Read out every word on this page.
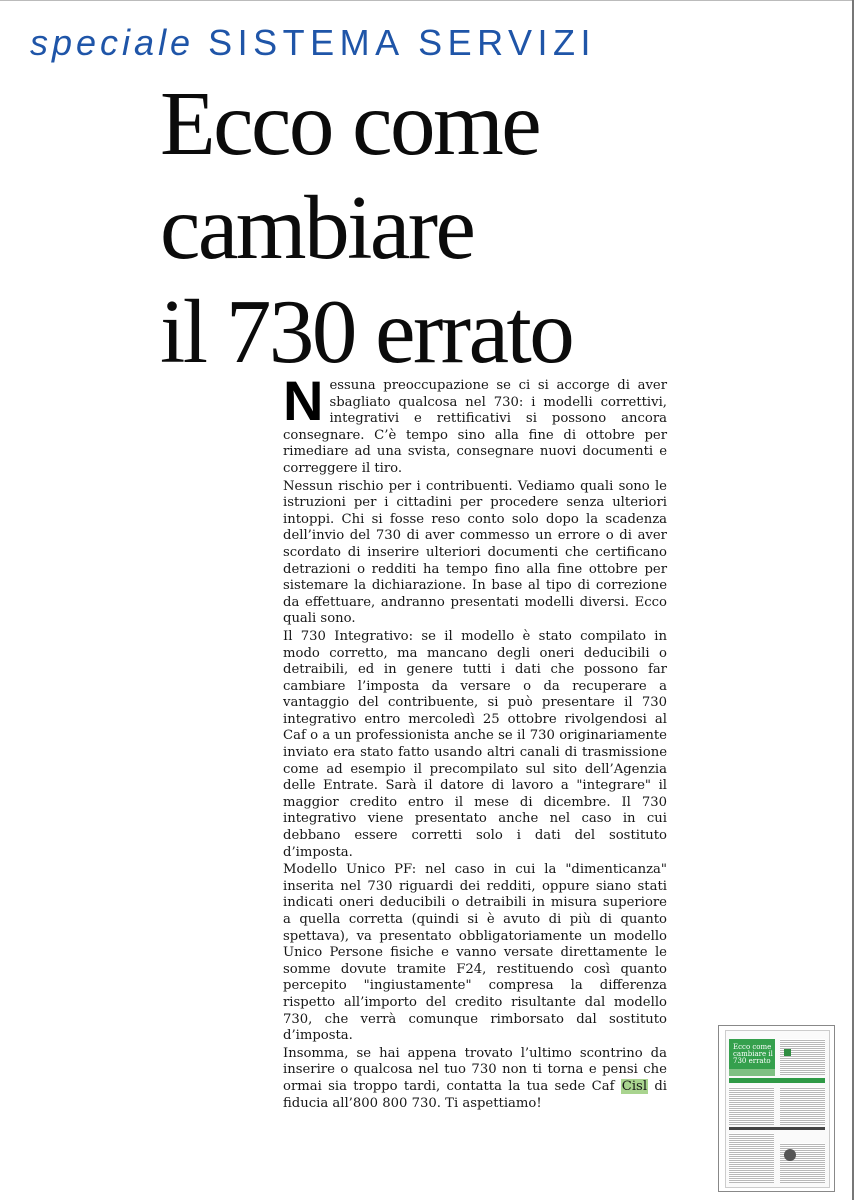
speciale SISTEMA SERVIZI
Ecco come
cambiare
il 730 errato

Nessuna preoccupazione se ci si accorge di aver sbagliato qualcosa nel 730: i modelli correttivi, integrativi e rettificativi si possono ancora consegnare. C’è tempo sino alla fine di ottobre per rimediare ad una svista, consegnare nuovi documenti e correggere il tiro.

Nessun rischio per i contribuenti. Vediamo quali sono le istruzioni per i cittadini per procedere senza ulteriori intoppi. Chi si fosse reso conto solo dopo la scadenza dell’invio del 730 di aver commesso un errore o di aver scordato di inserire ulteriori documenti che certificano detrazioni o redditi ha tempo fino alla fine ottobre per sistemare la dichiarazione. In base al tipo di correzione da effettuare, andranno presentati modelli diversi. Ecco quali sono.

Il 730 Integrativo: se il modello è stato compilato in modo corretto, ma mancano degli oneri deducibili o detraibili, ed in genere tutti i dati che possono far cambiare l’imposta da versare o da recuperare a vantaggio del contribuente, si può presentare il 730 integrativo entro mercoledì 25 ottobre rivolgendosi al Caf o a un professionista anche se il 730 originariamente inviato era stato fatto usando altri canali di trasmissione come ad esempio il precompilato sul sito dell’Agenzia delle Entrate. Sarà il datore di lavoro a "integrare" il maggior credito entro il mese di dicembre. Il 730 integrativo viene presentato anche nel caso in cui debbano essere corretti solo i dati del sostituto d’imposta.

Modello Unico PF: nel caso in cui la "dimenticanza" inserita nel 730 riguardi dei redditi, oppure siano stati indicati oneri deducibili o detraibili in misura superiore a quella corretta (quindi si è avuto di più di quanto spettava), va presentato obbligatoriamente un modello Unico Persone fisiche e vanno versate direttamente le somme dovute tramite F24, restituendo così quanto percepito "ingiustamente" compresa la differenza rispetto all’importo del credito risultante dal modello 730, che verrà comunque rimborsato dal sostituto d’imposta.

Insomma, se hai appena trovato l’ultimo scontrino da inserire o qualcosa nel tuo 730 non ti torna e pensi che ormai sia troppo tardi, contatta la tua sede Caf Cisl di fiducia all’800 800 730. Ti aspettiamo!

Ecco come cambiare il 730 errato
